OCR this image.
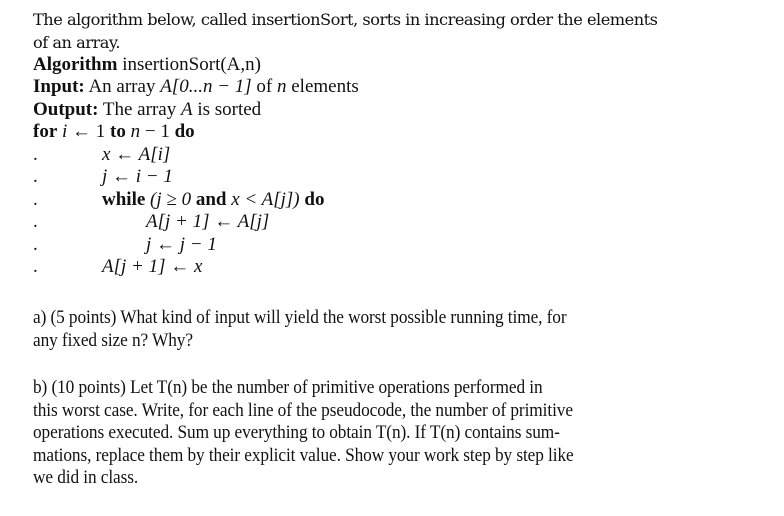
The algorithm below, called insertionSort, sorts in increasing order the elements
of an array.
Algorithm insertionSort(A,n)
Input: An array A[0...n − 1] of n elements
Output: The array A is sorted
for i ← 1 to n − 1 do
.	x ← A[i]
.	j ← i − 1
.	while (j ≥ 0 and x < A[j]) do
.	A[j + 1] ← A[j]
.	j ← j − 1
.	A[j + 1] ← x
a) (5 points) What kind of input will yield the worst possible running time, for
any fixed size n? Why?
b) (10 points) Let T(n) be the number of primitive operations performed in
this worst case. Write, for each line of the pseudocode, the number of primitive
operations executed. Sum up everything to obtain T(n). If T(n) contains sum-
mations, replace them by their explicit value. Show your work step by step like
we did in class.
